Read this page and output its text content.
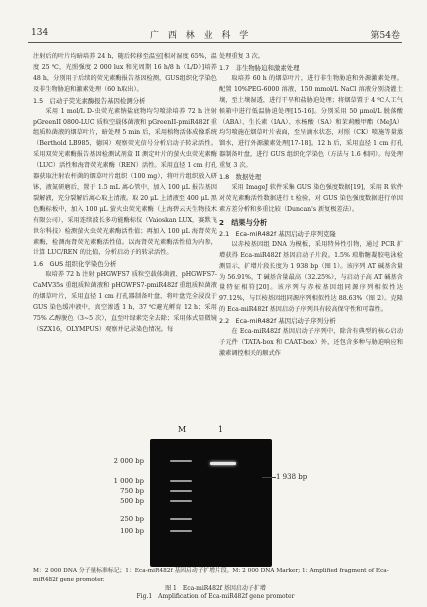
134	广 西 林 业 科 学	第54卷

注射后的叶片均暗培养 24 h，随后转移至温室[相对湿度 65%，温度 25 ℃，光照强度 2 000 lux 和光周期 16 h/8 h（L/D）]培养 48 h，分别用于后续的荧光素酶报告基因检测，GUS组织化学染色及非生物胁迫和激素处理（60 h取出）。

1.5　启动子荧光素酶报告基因检测分析

采用 1 mol/L D-虫荧光素钠盐底物均匀喷涂培养 72 h 注射 pGreenII 0800-LUC 质粒空载体菌液和 pGreenII-pmiR482f 重组质粒菌液的烟草叶片，暗处理 5 min 后，采用植物活体成像系统（Berthold LB985，德国）观察荧光信号分析启动子转录活性。采用双荧光素酶报告基因检测试剂盒 II 测定叶片的萤火虫荧光素酶（LUC）活性和海肾荧光素酶（REN）活性。采用直径 1 cm 打孔器获取注射农杆菌的烟草叶片组织（100 mg），将叶片组织放入研钵，液氮研磨后，置于 1.5 mL 离心管中，加入 100 μL 报告基因裂解液，充分裂解后离心取上清液。取 20 μL 上清液至 400 μL 黑色酶标板中，加入 100 μL 萤火虫荧光素酶（上海碧云天生物技术有限公司），采用连续波长多功能酶标仪（Vaioskan LUX，赛默飞世尔科技）检测萤火虫荧光素酶活性值；再加入 100 μL 海肾荧光素酶，检测海肾荧光素酶活性值。以海肾荧光素酶活性值为内参，计算 LUC/REN 的比值，分析启动子的转录活性。

1.6　GUS 组织化学染色分析

取培养 72 h 注射 pHGWFS7 质粒空载体菌液、pHGWFS7-CaMV35s 重组质粒菌液和 pHGWFS7-pmiR482f 重组质粒菌液的烟草叶片，采用直径 1 cm 打孔器制备叶盘，将叶盘完全浸没于 GUS 染色缓冲液中，真空渗透 1 h，37 ℃避光孵育 12 h；采用 75% 乙醇脱色（3~5 次），直至叶绿素完全去除；采用体式显微镜（SZX16，OLYMPUS）观察并记录染色情况。每

处理重复 3 次。

1.7　非生物胁迫和激素处理

取培养 60 h 的烟草叶片，进行非生物胁迫和外源激素处理。配置 10%PEG-6000 溶液，150 mmol/L NaCl 溶液分别浇灌土壤，至土壤湿透，进行干旱和盐胁迫处理；将烟草置于 4 ℃人工气候箱中进行低温胁迫处理[15-16]。分别采用 50 μmol/L 脱落酸（ABA）、生长素（IAA）、水杨酸（SA）和茉莉酸甲酯（MeJA）均匀喷施在烟草叶片表面，至呈滴水状态，对照（CK）喷施等量蒸馏水，进行外源激素处理[17-18]。12 h 后，采用直径 1 cm 打孔器制备叶盘，进行 GUS 组织化学染色（方法与 1.6 相同）。每处理重复 3 次。

1.8　数据处理

采用 ImageJ 软件采集 GUS 染色强度数据[19]，采用 R 软件对荧光素酶活性数据进行 t 检验，对 GUS 染色强度数据进行单因素方差分析和多重比较（Duncan's 新复极差法）。

2　结果与分析
2.1　Eca-miR482f 基因启动子序列克隆

以赤桉基因组 DNA 为模板，采用特异性引物，通过 PCR 扩增获得 Eca-miR482f 基因启动子片段。1.5% 琼脂糖凝胶电泳检测显示，扩增片段长度为 1 938 bp（图 1）。该序列 AT 碱基含量为 56.91%，T 碱基含量最高（32.25%），与启动子高 AT 碱基含量特征相符[20]。该序列与赤桉基因组同源序列相似性达 97.12%，与巨桉基因组同源序列相似性达 88.63%（图 2）。克隆的 Eca-miR482f 基因启动子序列具有较高保守性和可靠性。

2.2　Eca-miR482f 基因启动子序列分析

在 Eca-miR482f 基因启动子序列中，除含有典型的核心启动子元件（TATA-box 和 CAAT-box）外，还包含多种与胁迫响应和激素调控相关的顺式作

M	1
2 000 bp
1 000 bp
750 bp
500 bp
250 bp
100 bp
1 938 bp
M：2 000 DNA 分子量标准标记；1：Eca-miR482f 基因启动子扩增片段。M: 2 000 DNA Marker; 1: Amplified fragment of Eca-miR482f gene promoter.
图 1　Eca-miR482f 基因启动子扩增
Fig.1　Amplification of Eca-miR482f gene promoter
